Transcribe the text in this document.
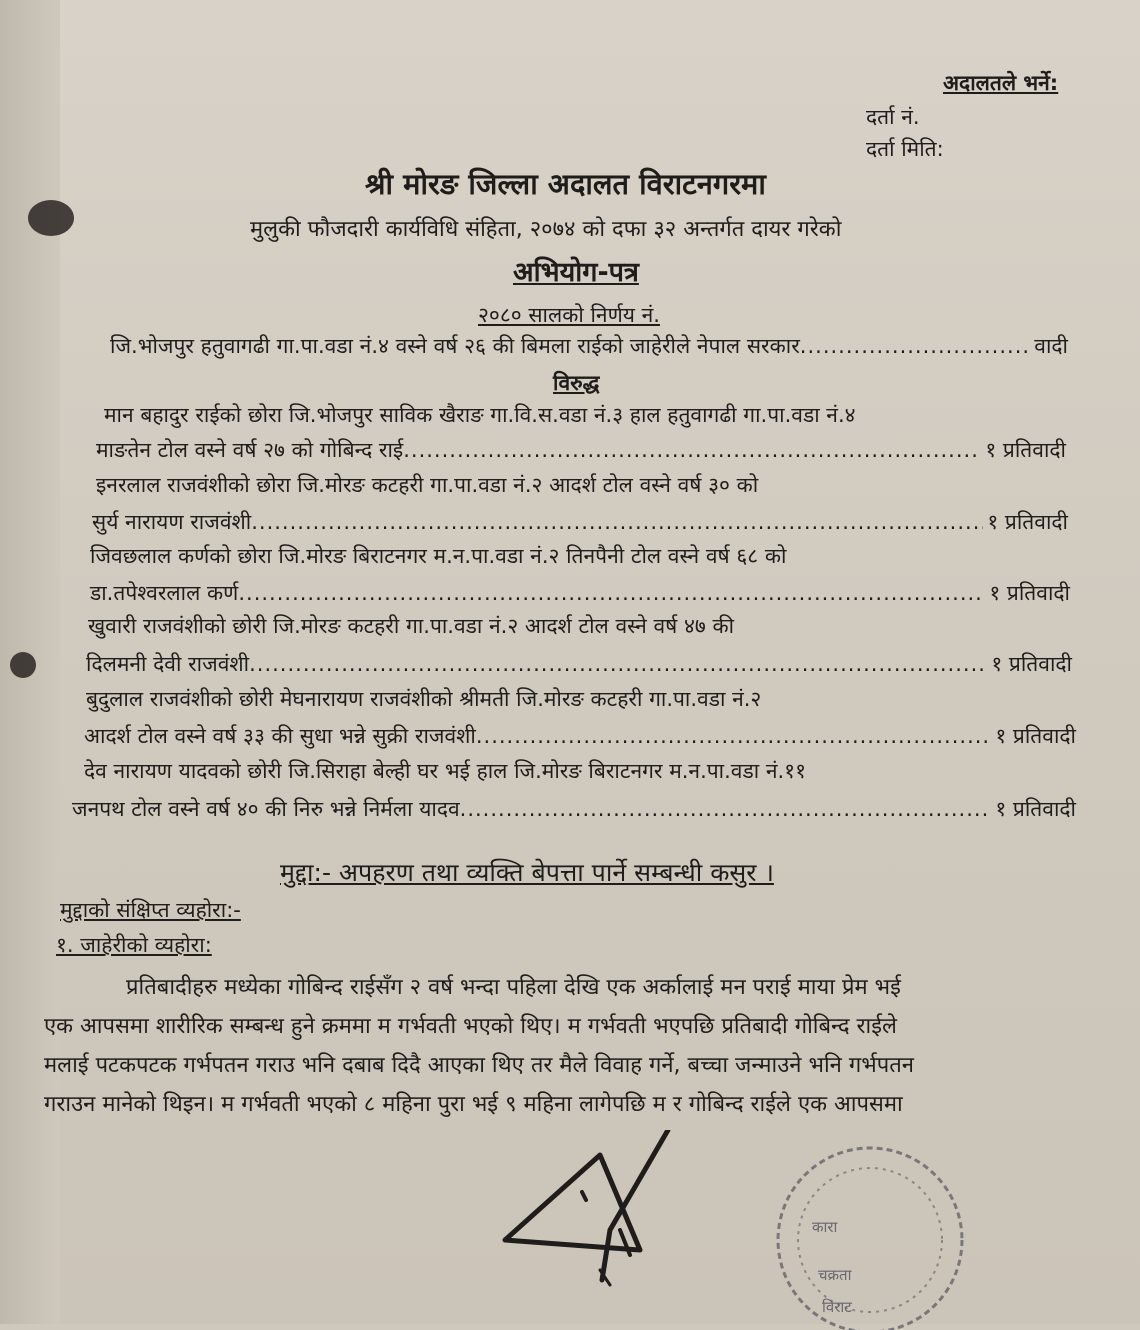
अदालतले भर्ने:
दर्ता नं.
दर्ता मिति:
श्री मोरङ जिल्ला अदालत विराटनगरमा
मुलुकी फौजदारी कार्यविधि संहिता, २०७४ को दफा ३२ अन्तर्गत दायर गरेको
अभियोग-पत्र
२०८० सालको निर्णय नं.
जि.भोजपुर हतुवागढी गा.पा.वडा नं.४ वस्ने वर्ष २६ की बिमला राईको जाहेरीले नेपाल सरकार .....	वादी
विरुद्ध
मान बहादुर राईको छोरा जि.भोजपुर साविक खैराङ गा.वि.स.वडा नं.३ हाल हतुवागढी गा.पा.वडा नं.४
माङतेन टोल वस्ने वर्ष २७ को गोबिन्द राई .....	१ प्रतिवादी
इनरलाल राजवंशीको छोरा जि.मोरङ कटहरी गा.पा.वडा नं.२ आदर्श टोल वस्ने वर्ष ३० को
सुर्य नारायण राजवंशी .....	१ प्रतिवादी
जिवछलाल कर्णको छोरा जि.मोरङ बिराटनगर म.न.पा.वडा नं.२ तिनपैनी टोल वस्ने वर्ष ६८ को
डा.तपेश्वरलाल कर्ण .....	१ प्रतिवादी
खुवारी राजवंशीको छोरी जि.मोरङ कटहरी गा.पा.वडा नं.२ आदर्श टोल वस्ने वर्ष ४७ की
दिलमनी देवी राजवंशी .....	१ प्रतिवादी
बुदुलाल राजवंशीको छोरी मेघनारायण राजवंशीको श्रीमती जि.मोरङ कटहरी गा.पा.वडा नं.२
आदर्श टोल वस्ने वर्ष ३३ की सुधा भन्ने सुक्री राजवंशी .....	१ प्रतिवादी
देव नारायण यादवको छोरी जि.सिराहा बेल्ही घर भई हाल जि.मोरङ बिराटनगर म.न.पा.वडा नं.११
जनपथ टोल वस्ने वर्ष ४० की निरु भन्ने निर्मला यादव .....	१ प्रतिवादी
मुद्दा:- अपहरण तथा व्यक्ति बेपत्ता पार्ने सम्बन्धी कसुर ।
मुद्दाको संक्षिप्त व्यहोरा:-
१. जाहेरीको व्यहोरा:
प्रतिबादीहरु मध्येका गोबिन्द राईसँग २ वर्ष भन्दा पहिला देखि एक अर्कालाई मन पराई माया प्रेम भई
एक आपसमा शारीरिक सम्बन्ध हुने क्रममा म गर्भवती भएको थिए। म गर्भवती भएपछि प्रतिबादी गोबिन्द राईले
मलाई पटकपटक गर्भपतन गराउ भनि दबाब दिदै आएका थिए तर मैले विवाह गर्ने, बच्चा जन्माउने भनि गर्भपतन
गराउन मानेको थिइन। म गर्भवती भएको ८ महिना पुरा भई ९ महिना लागेपछि म र गोबिन्द राईले एक आपसमा
कारा
चक्रता
विराट
